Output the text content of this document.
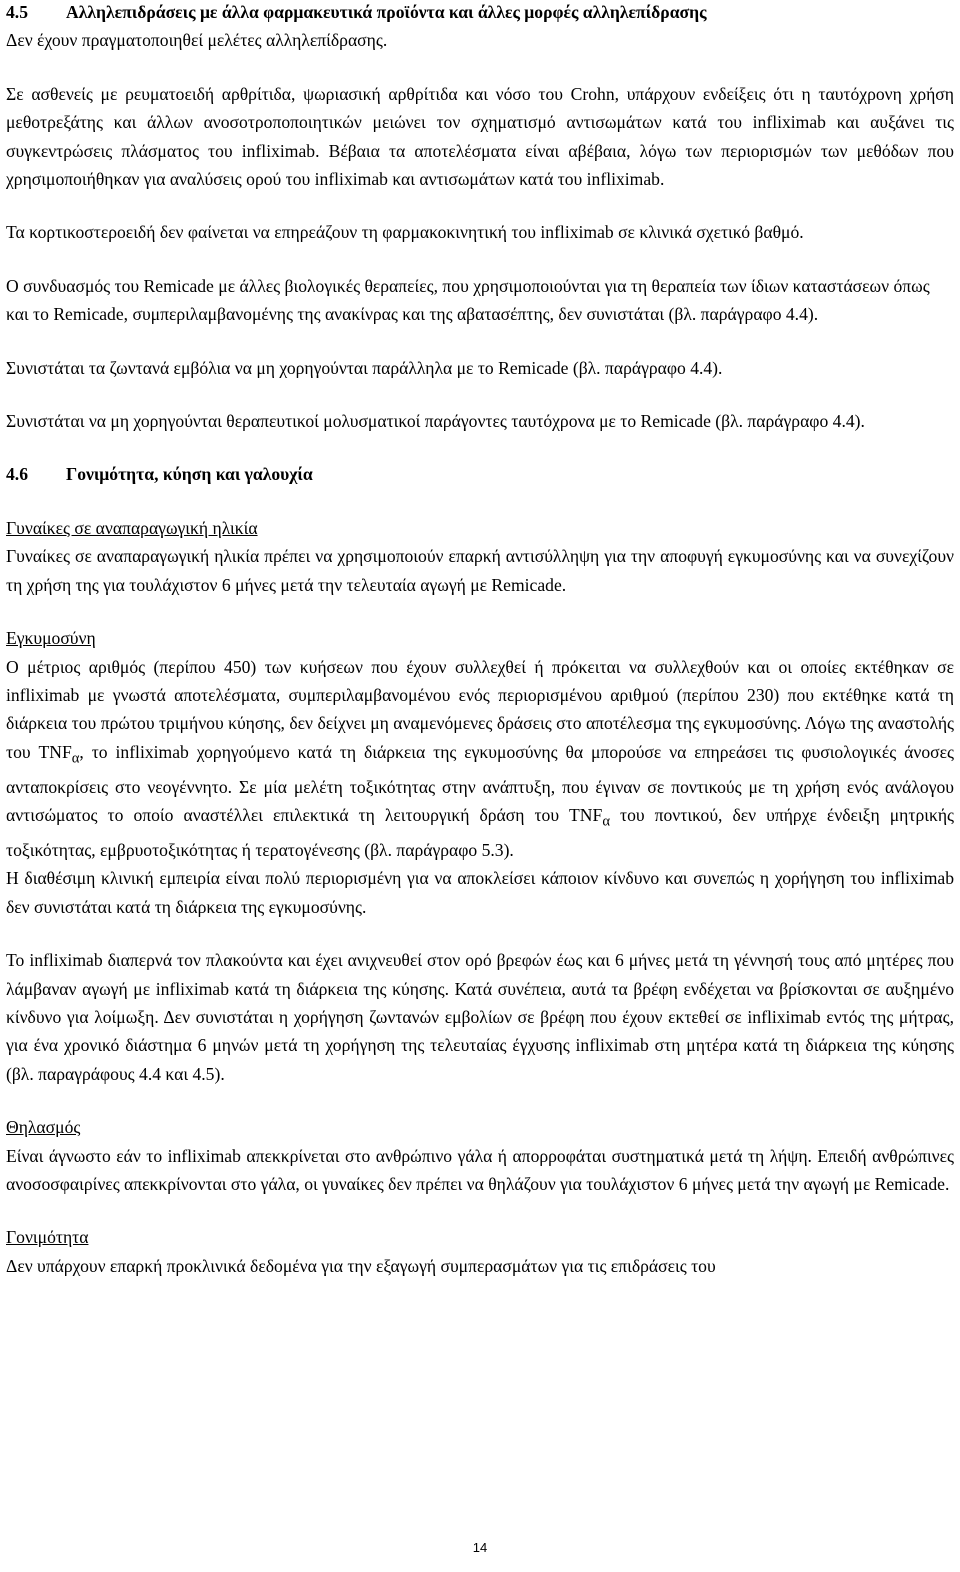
4.5 Αλληλεπιδράσεις με άλλα φαρμακευτικά προϊόντα και άλλες μορφές αλληλεπίδρασης

Δεν έχουν πραγματοποιηθεί μελέτες αλληλεπίδρασης.

Σε ασθενείς με ρευματοειδή αρθρίτιδα, ψωριασική αρθρίτιδα και νόσο του Crohn, υπάρχουν ενδείξεις ότι η ταυτόχρονη χρήση μεθοτρεξάτης και άλλων ανοσοτροποποιητικών μειώνει τον σχηματισμό αντισωμάτων κατά του infliximab και αυξάνει τις συγκεντρώσεις πλάσματος του infliximab. Βέβαια τα αποτελέσματα είναι αβέβαια, λόγω των περιορισμών των μεθόδων που χρησιμοποιήθηκαν για αναλύσεις ορού του infliximab και αντισωμάτων κατά του infliximab.

Τα κορτικοστεροειδή δεν φαίνεται να επηρεάζουν τη φαρμακοκινητική του infliximab σε κλινικά σχετικό βαθμό.

Ο συνδυασμός του Remicade με άλλες βιολογικές θεραπείες, που χρησιμοποιούνται για τη θεραπεία των ίδιων καταστάσεων όπως και το Remicade, συμπεριλαμβανομένης της ανακίνρας και της αβατασέπτης, δεν συνιστάται (βλ. παράγραφο 4.4).

Συνιστάται τα ζωντανά εμβόλια να μη χορηγούνται παράλληλα με το Remicade (βλ. παράγραφο 4.4).

Συνιστάται να μη χορηγούνται θεραπευτικοί μολυσματικοί παράγοντες ταυτόχρονα με το Remicade (βλ. παράγραφο 4.4).

4.6 Γονιμότητα, κύηση και γαλουχία

Γυναίκες σε αναπαραγωγική ηλικία

Γυναίκες σε αναπαραγωγική ηλικία πρέπει να χρησιμοποιούν επαρκή αντισύλληψη για την αποφυγή εγκυμοσύνης και να συνεχίζουν τη χρήση της για τουλάχιστον 6 μήνες μετά την τελευταία αγωγή με Remicade.

Εγκυμοσύνη

Ο μέτριος αριθμός (περίπου 450) των κυήσεων που έχουν συλλεχθεί ή πρόκειται να συλλεχθούν και οι οποίες εκτέθηκαν σε infliximab με γνωστά αποτελέσματα, συμπεριλαμβανομένου ενός περιορισμένου αριθμού (περίπου 230) που εκτέθηκε κατά τη διάρκεια του πρώτου τριμήνου κύησης, δεν δείχνει μη αναμενόμενες δράσεις στο αποτέλεσμα της εγκυμοσύνης. Λόγω της αναστολής του $TNF_\alpha$, το infliximab χορηγούμενο κατά τη διάρκεια της εγκυμοσύνης θα μπορούσε να επηρεάσει τις φυσιολογικές άνοσες ανταποκρίσεις στο νεογέννητο. Σε μία μελέτη τοξικότητας στην ανάπτυξη, που έγιναν σε ποντικούς με τη χρήση ενός ανάλογου αντισώματος το οποίο αναστέλλει επιλεκτικά τη λειτουργική δράση του $TNF_\alpha$ του ποντικού, δεν υπήρχε ένδειξη μητρικής τοξικότητας, εμβρυοτοξικότητας ή τερατογένεσης (βλ. παράγραφο 5.3).

Η διαθέσιμη κλινική εμπειρία είναι πολύ περιορισμένη για να αποκλείσει κάποιον κίνδυνο και συνεπώς η χορήγηση του infliximab δεν συνιστάται κατά τη διάρκεια της εγκυμοσύνης.

Το infliximab διαπερνά τον πλακούντα και έχει ανιχνευθεί στον ορό βρεφών έως και 6 μήνες μετά τη γέννησή τους από μητέρες που λάμβαναν αγωγή με infliximab κατά τη διάρκεια της κύησης. Κατά συνέπεια, αυτά τα βρέφη ενδέχεται να βρίσκονται σε αυξημένο κίνδυνο για λοίμωξη. Δεν συνιστάται η χορήγηση ζωντανών εμβολίων σε βρέφη που έχουν εκτεθεί σε infliximab εντός της μήτρας, για ένα χρονικό διάστημα 6 μηνών μετά τη χορήγηση της τελευταίας έγχυσης infliximab στη μητέρα κατά τη διάρκεια της κύησης (βλ. παραγράφους 4.4 και 4.5).

Θηλασμός

Είναι άγνωστο εάν το infliximab απεκκρίνεται στο ανθρώπινο γάλα ή απορροφάται συστηματικά μετά τη λήψη. Επειδή ανθρώπινες ανοσοσφαιρίνες απεκκρίνονται στο γάλα, οι γυναίκες δεν πρέπει να θηλάζουν για τουλάχιστον 6 μήνες μετά την αγωγή με Remicade.

Γονιμότητα

Δεν υπάρχουν επαρκή προκλινικά δεδομένα για την εξαγωγή συμπερασμάτων για τις επιδράσεις του

14
